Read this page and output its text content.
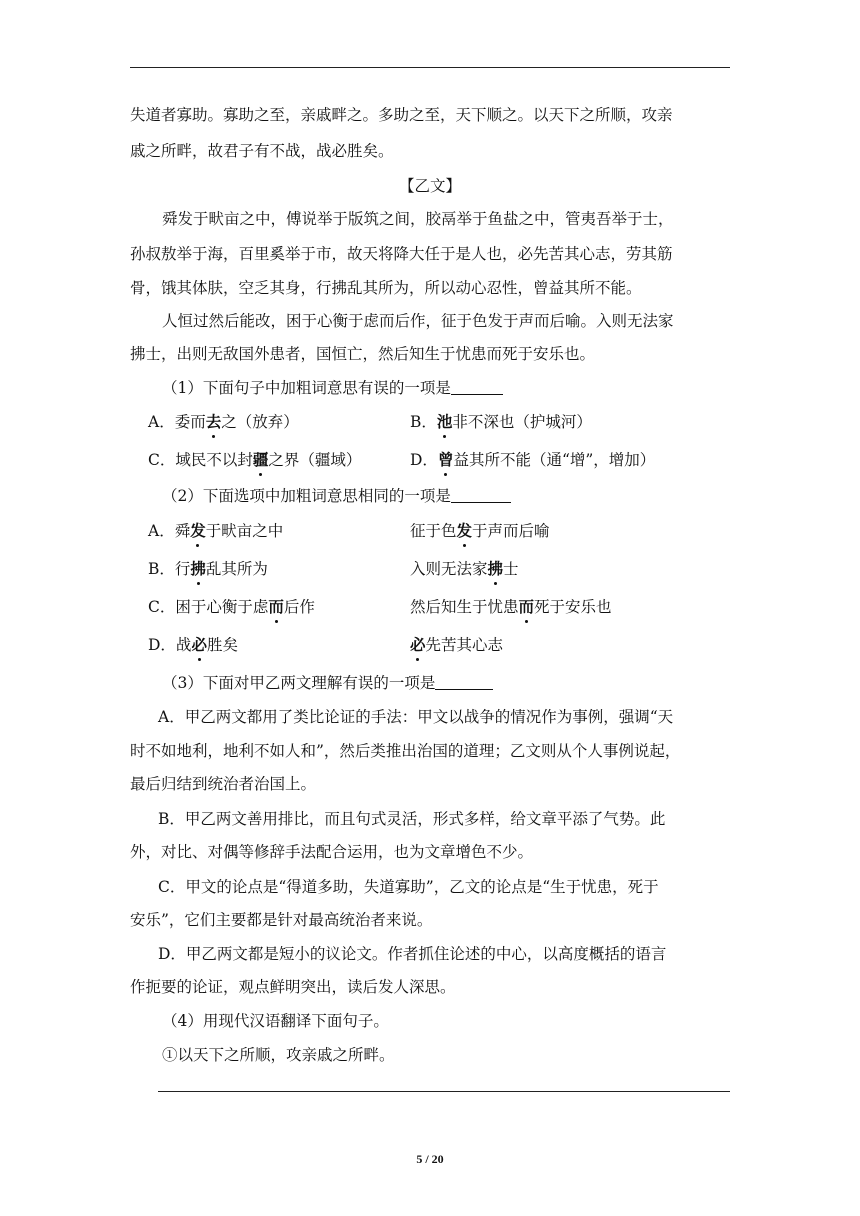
失道者寡助。寡助之至，亲戚畔之。多助之至，天下顺之。以天下之所顺，攻亲
戚之所畔，故君子有不战，战必胜矣。
【乙文】
舜发于畎亩之中，傅说举于版筑之间，胶鬲举于鱼盐之中，管夷吾举于士，
孙叔敖举于海，百里奚举于市，故天将降大任于是人也，必先苦其心志，劳其筋
骨，饿其体肤，空乏其身，行拂乱其所为，所以动心忍性，曾益其所不能。
人恒过然后能改，困于心衡于虑而后作，征于色发于声而后喻。入则无法家
拂士，出则无敌国外患者，国恒亡，然后知生于忧患而死于安乐也。
（1）下面句子中加粗词意思有误的一项是
A．委而去之（放弃）	B．池非不深也（护城河）
C．域民不以封疆之界（疆域）	D．曾益其所不能（通“增”，增加）
（2）下面选项中加粗词意思相同的一项是
A．舜发于畎亩之中	征于色发于声而后喻
B．行拂乱其所为	入则无法家拂士
C．困于心衡于虑而后作	然后知生于忧患而死于安乐也
D．战必胜矣	必先苦其心志
（3）下面对甲乙两文理解有误的一项是
A．甲乙两文都用了类比论证的手法：甲文以战争的情况作为事例，强调“天
时不如地利，地利不如人和”，然后类推出治国的道理；乙文则从个人事例说起，
最后归结到统治者治国上。
B．甲乙两文善用排比，而且句式灵活，形式多样，给文章平添了气势。此
外，对比、对偶等修辞手法配合运用，也为文章增色不少。
C．甲文的论点是“得道多助，失道寡助”，乙文的论点是“生于忧患，死于
安乐”，它们主要都是针对最高统治者来说。
D．甲乙两文都是短小的议论文。作者抓住论述的中心，以高度概括的语言
作扼要的论证，观点鲜明突出，读后发人深思。
（4）用现代汉语翻译下面句子。
①以天下之所顺，攻亲戚之所畔。
5 / 20
